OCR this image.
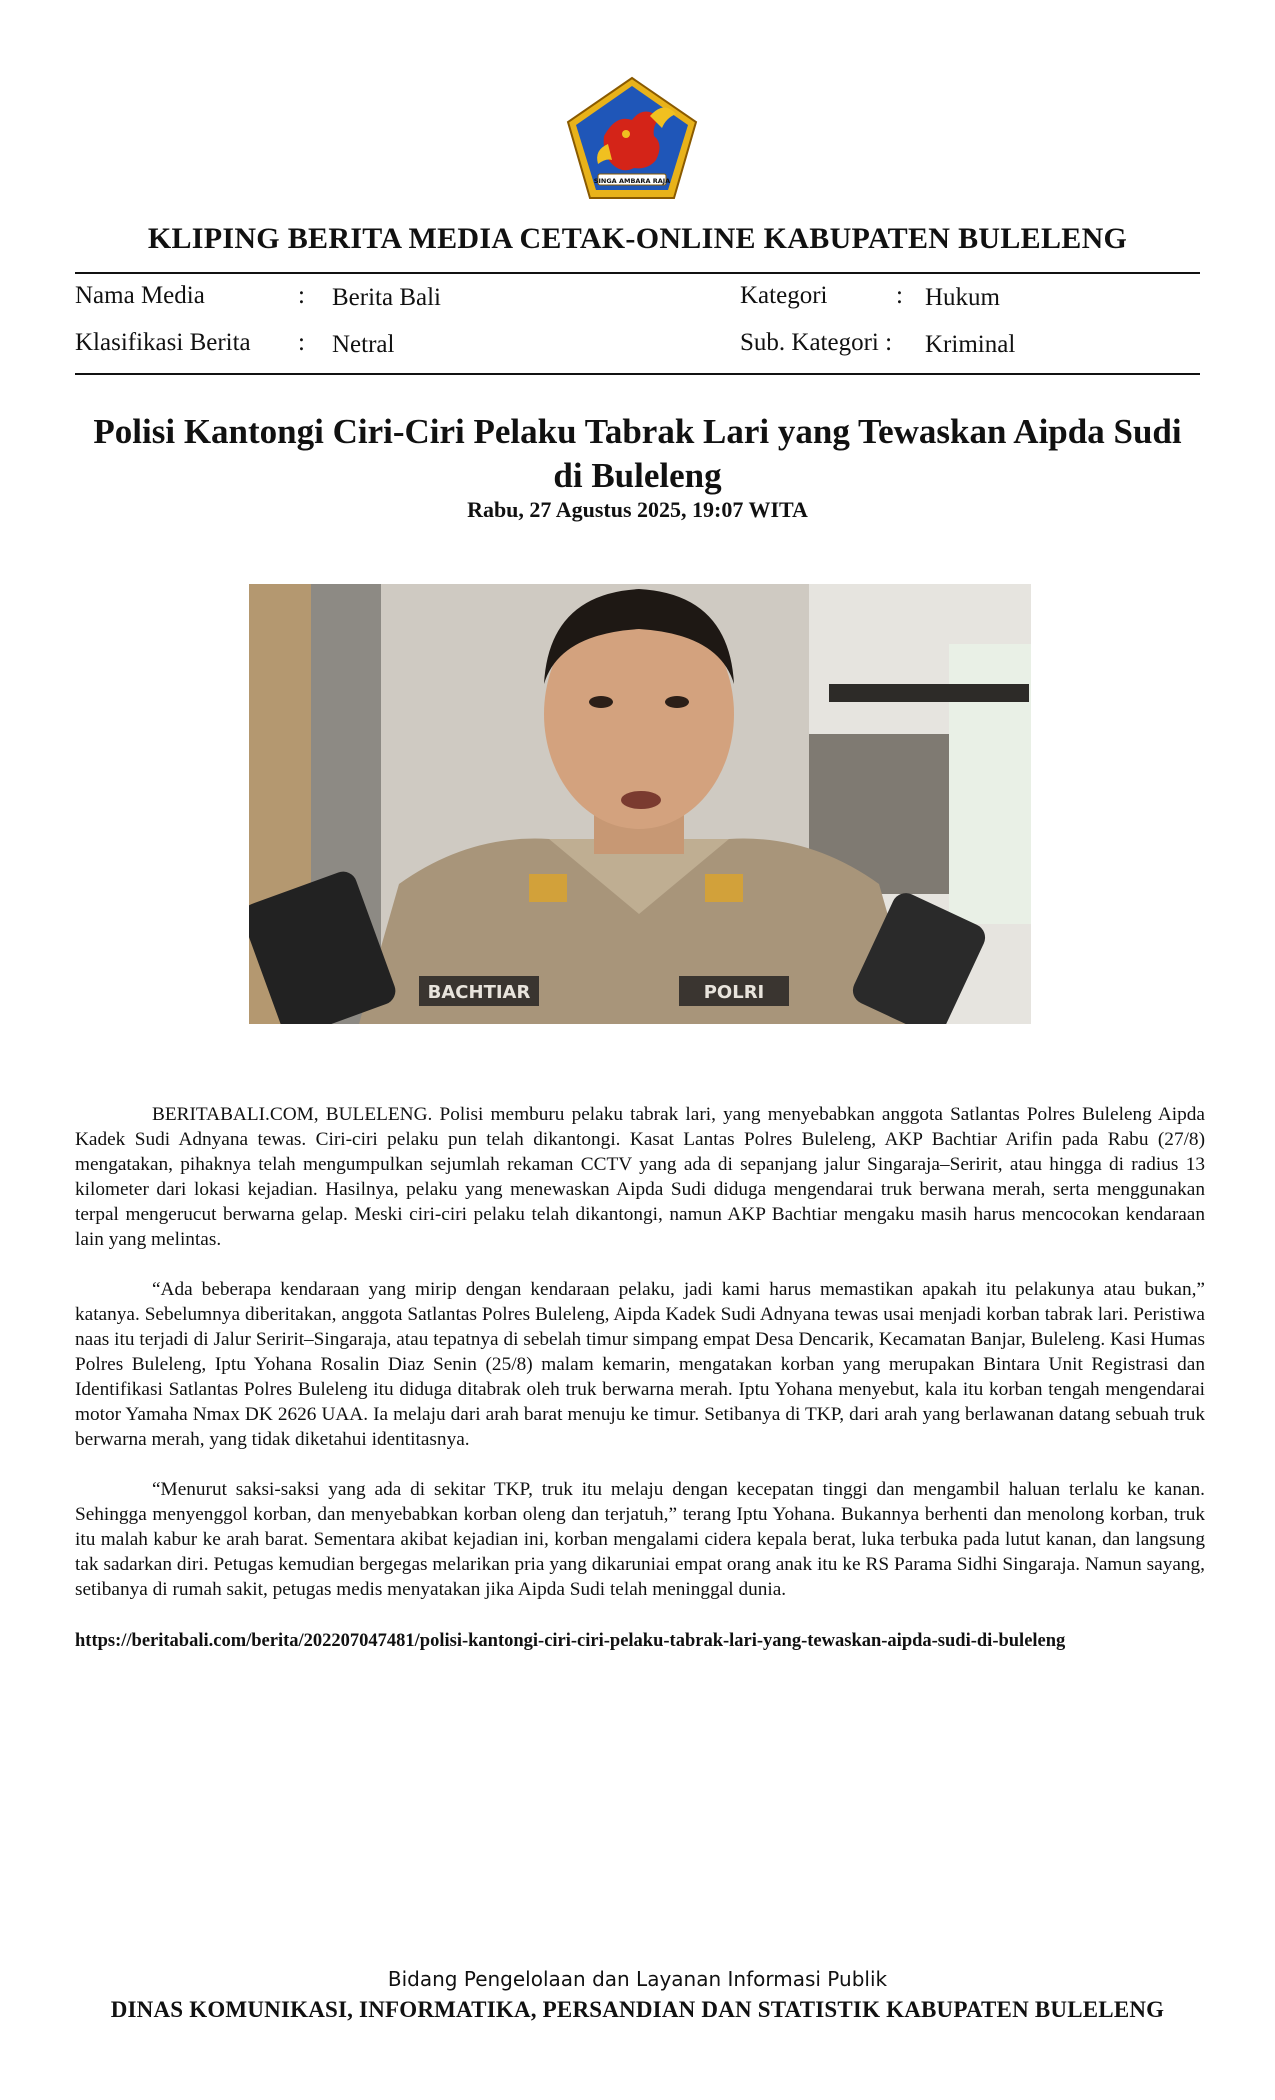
SINGA AMBARA RAJA
KLIPING BERITA MEDIA CETAK-ONLINE KABUPATEN BULELENG
Nama Media	: Berita Bali
Klasifikasi Berita : Netral
Kategori	: Hukum
Sub. Kategori : Kriminal
Polisi Kantongi Ciri-Ciri Pelaku Tabrak Lari yang Tewaskan Aipda Sudi di Buleleng
Rabu, 27 Agustus 2025, 19:07 WITA
BACHTIAR	POLRI

BERITABALI.COM, BULELENG. Polisi memburu pelaku tabrak lari, yang menyebabkan anggota Satlantas Polres Buleleng Aipda Kadek Sudi Adnyana tewas. Ciri-ciri pelaku pun telah dikantongi. Kasat Lantas Polres Buleleng, AKP Bachtiar Arifin pada Rabu (27/8) mengatakan, pihaknya telah mengumpulkan sejumlah rekaman CCTV yang ada di sepanjang jalur Singaraja–Seririt, atau hingga di radius 13 kilometer dari lokasi kejadian. Hasilnya, pelaku yang menewaskan Aipda Sudi diduga mengendarai truk berwana merah, serta menggunakan terpal mengerucut berwarna gelap. Meski ciri-ciri pelaku telah dikantongi, namun AKP Bachtiar mengaku masih harus mencocokan kendaraan lain yang melintas.

“Ada beberapa kendaraan yang mirip dengan kendaraan pelaku, jadi kami harus memastikan apakah itu pelakunya atau bukan,” katanya. Sebelumnya diberitakan, anggota Satlantas Polres Buleleng, Aipda Kadek Sudi Adnyana tewas usai menjadi korban tabrak lari. Peristiwa naas itu terjadi di Jalur Seririt–Singaraja, atau tepatnya di sebelah timur simpang empat Desa Dencarik, Kecamatan Banjar, Buleleng. Kasi Humas Polres Buleleng, Iptu Yohana Rosalin Diaz Senin (25/8) malam kemarin, mengatakan korban yang merupakan Bintara Unit Registrasi dan Identifikasi Satlantas Polres Buleleng itu diduga ditabrak oleh truk berwarna merah. Iptu Yohana menyebut, kala itu korban tengah mengendarai motor Yamaha Nmax DK 2626 UAA. Ia melaju dari arah barat menuju ke timur. Setibanya di TKP, dari arah yang berlawanan datang sebuah truk berwarna merah, yang tidak diketahui identitasnya.

“Menurut saksi-saksi yang ada di sekitar TKP, truk itu melaju dengan kecepatan tinggi dan mengambil haluan terlalu ke kanan. Sehingga menyenggol korban, dan menyebabkan korban oleng dan terjatuh,” terang Iptu Yohana. Bukannya berhenti dan menolong korban, truk itu malah kabur ke arah barat. Sementara akibat kejadian ini, korban mengalami cidera kepala berat, luka terbuka pada lutut kanan, dan langsung tak sadarkan diri. Petugas kemudian bergegas melarikan pria yang dikaruniai empat orang anak itu ke RS Parama Sidhi Singaraja. Namun sayang, setibanya di rumah sakit, petugas medis menyatakan jika Aipda Sudi telah meninggal dunia.

https://beritabali.com/berita/202207047481/polisi-kantongi-ciri-ciri-pelaku-tabrak-lari-yang-tewaskan-aipda-sudi-di-buleleng
Bidang Pengelolaan dan Layanan Informasi Publik
DINAS KOMUNIKASI, INFORMATIKA, PERSANDIAN DAN STATISTIK KABUPATEN BULELENG
